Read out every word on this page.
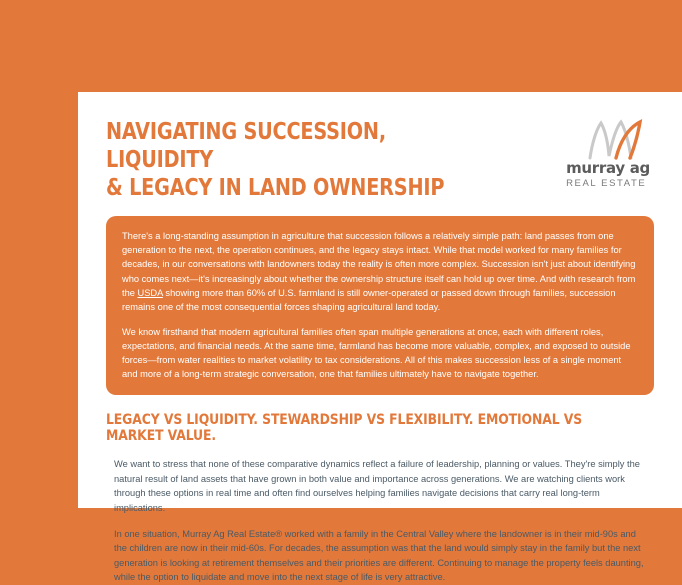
NAVIGATING SUCCESSION, LIQUIDITY
& LEGACY IN LAND OWNERSHIP
murray ag
REAL ESTATE

There's a long-standing assumption in agriculture that succession follows a relatively simple path: land passes from one generation to the next, the operation continues, and the legacy stays intact. While that model worked for many families for decades, in our conversations with landowners today the reality is often more complex. Succession isn't just about identifying who comes next—it's increasingly about whether the ownership structure itself can hold up over time. And with research from the USDA showing more than 60% of U.S. farmland is still owner-operated or passed down through families, succession remains one of the most consequential forces shaping agricultural land today.

We know firsthand that modern agricultural families often span multiple generations at once, each with different roles, expectations, and financial needs. At the same time, farmland has become more valuable, complex, and exposed to outside forces—from water realities to market volatility to tax considerations. All of this makes succession less of a single moment and more of a long-term strategic conversation, one that families ultimately have to navigate together.

LEGACY VS LIQUIDITY. STEWARDSHIP VS FLEXIBILITY. EMOTIONAL VS MARKET VALUE.

We want to stress that none of these comparative dynamics reflect a failure of leadership, planning or values. They're simply the natural result of land assets that have grown in both value and importance across generations. We are watching clients work through these options in real time and often find ourselves helping families navigate decisions that carry real long-term implications.

In one situation, Murray Ag Real Estate® worked with a family in the Central Valley where the landowner is in their mid-90s and the children are now in their mid-60s. For decades, the assumption was that the land would simply stay in the family but the next generation is looking at retirement themselves and their priorities are different. Continuing to manage the property feels daunting, while the option to liquidate and move into the next stage of life is very attractive.
